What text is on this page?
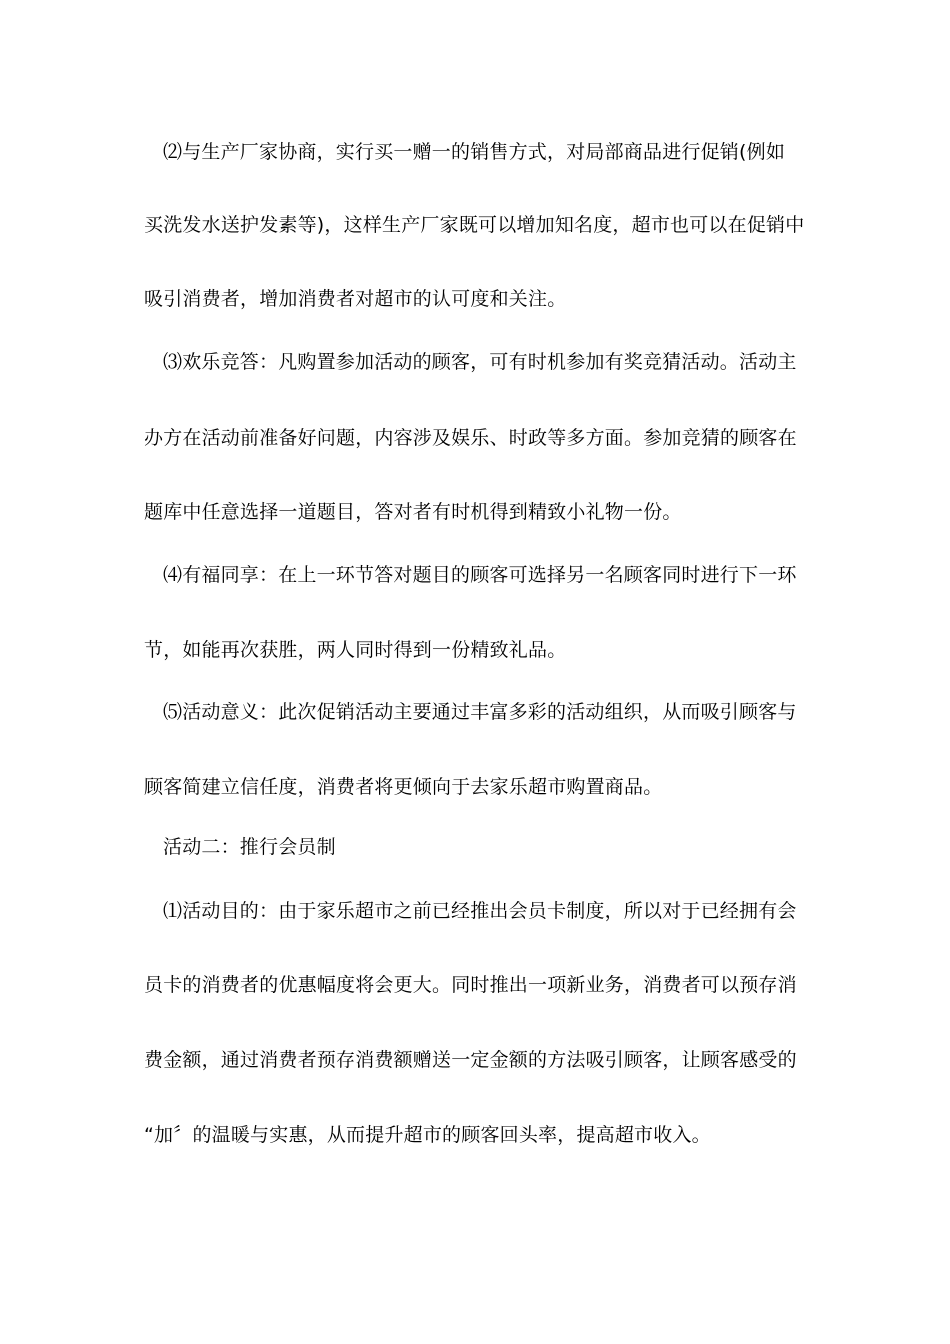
⑵与生产厂家协商，实行买一赠一的销售方式，对局部商品进行促销(例如
买洗发水送护发素等)，这样生产厂家既可以增加知名度，超市也可以在促销中
吸引消费者，增加消费者对超市的认可度和关注。
⑶欢乐竞答：凡购置参加活动的顾客，可有时机参加有奖竞猜活动。活动主
办方在活动前准备好问题，内容涉及娱乐、时政等多方面。参加竞猜的顾客在
题库中任意选择一道题目，答对者有时机得到精致小礼物一份。
⑷有福同享：在上一环节答对题目的顾客可选择另一名顾客同时进行下一环
节，如能再次获胜，两人同时得到一份精致礼品。
⑸活动意义：此次促销活动主要通过丰富多彩的活动组织，从而吸引顾客与
顾客简建立信任度，消费者将更倾向于去家乐超市购置商品。
活动二：推行会员制
⑴活动目的：由于家乐超市之前已经推出会员卡制度，所以对于已经拥有会
员卡的消费者的优惠幅度将会更大。同时推出一项新业务，消费者可以预存消
费金额，通过消费者预存消费额赠送一定金额的方法吸引顾客，让顾客感受的
“加〞的温暖与实惠，从而提升超市的顾客回头率，提高超市收入。
